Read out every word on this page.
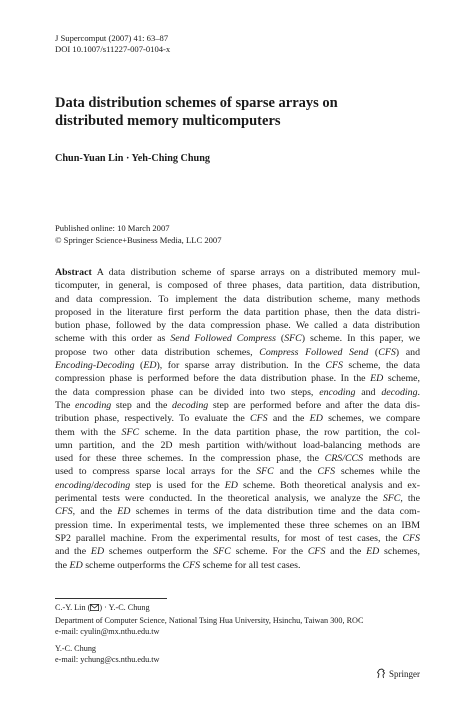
J Supercomput (2007) 41: 63–87
DOI 10.1007/s11227-007-0104-x
Data distribution schemes of sparse arrays on
distributed memory multicomputers
Chun-Yuan Lin · Yeh-Ching Chung
Published online: 10 March 2007
© Springer Science+Business Media, LLC 2007
Abstract  A data distribution scheme of sparse arrays on a distributed memory mul-
ticomputer, in general, is composed of three phases, data partition, data distribution,
and data compression. To implement the data distribution scheme, many methods
proposed in the literature first perform the data partition phase, then the data distri-
bution phase, followed by the data compression phase. We called a data distribution
scheme with this order as Send Followed Compress (SFC) scheme. In this paper, we
propose two other data distribution schemes, Compress Followed Send (CFS) and
Encoding-Decoding (ED), for sparse array distribution. In the CFS scheme, the data
compression phase is performed before the data distribution phase. In the ED scheme,
the data compression phase can be divided into two steps, encoding and decoding.
The encoding step and the decoding step are performed before and after the data dis-
tribution phase, respectively. To evaluate the CFS and the ED schemes, we compare
them with the SFC scheme. In the data partition phase, the row partition, the col-
umn partition, and the 2D mesh partition with/without load-balancing methods are
used for these three schemes. In the compression phase, the CRS/CCS methods are
used to compress sparse local arrays for the SFC and the CFS schemes while the
encoding/decoding step is used for the ED scheme. Both theoretical analysis and ex-
perimental tests were conducted. In the theoretical analysis, we analyze the SFC, the
CFS, and the ED schemes in terms of the data distribution time and the data com-
pression time. In experimental tests, we implemented these three schemes on an IBM
SP2 parallel machine. From the experimental results, for most of test cases, the CFS
and the ED schemes outperform the SFC scheme. For the CFS and the ED schemes,
the ED scheme outperforms the CFS scheme for all test cases.
C.-Y. Lin ( ) · Y.-C. Chung
Department of Computer Science, National Tsing Hua University, Hsinchu, Taiwan 300, ROC
e-mail: cyulin@mx.nthu.edu.tw
Y.-C. Chung
e-mail: ychung@cs.nthu.edu.tw
Springer
